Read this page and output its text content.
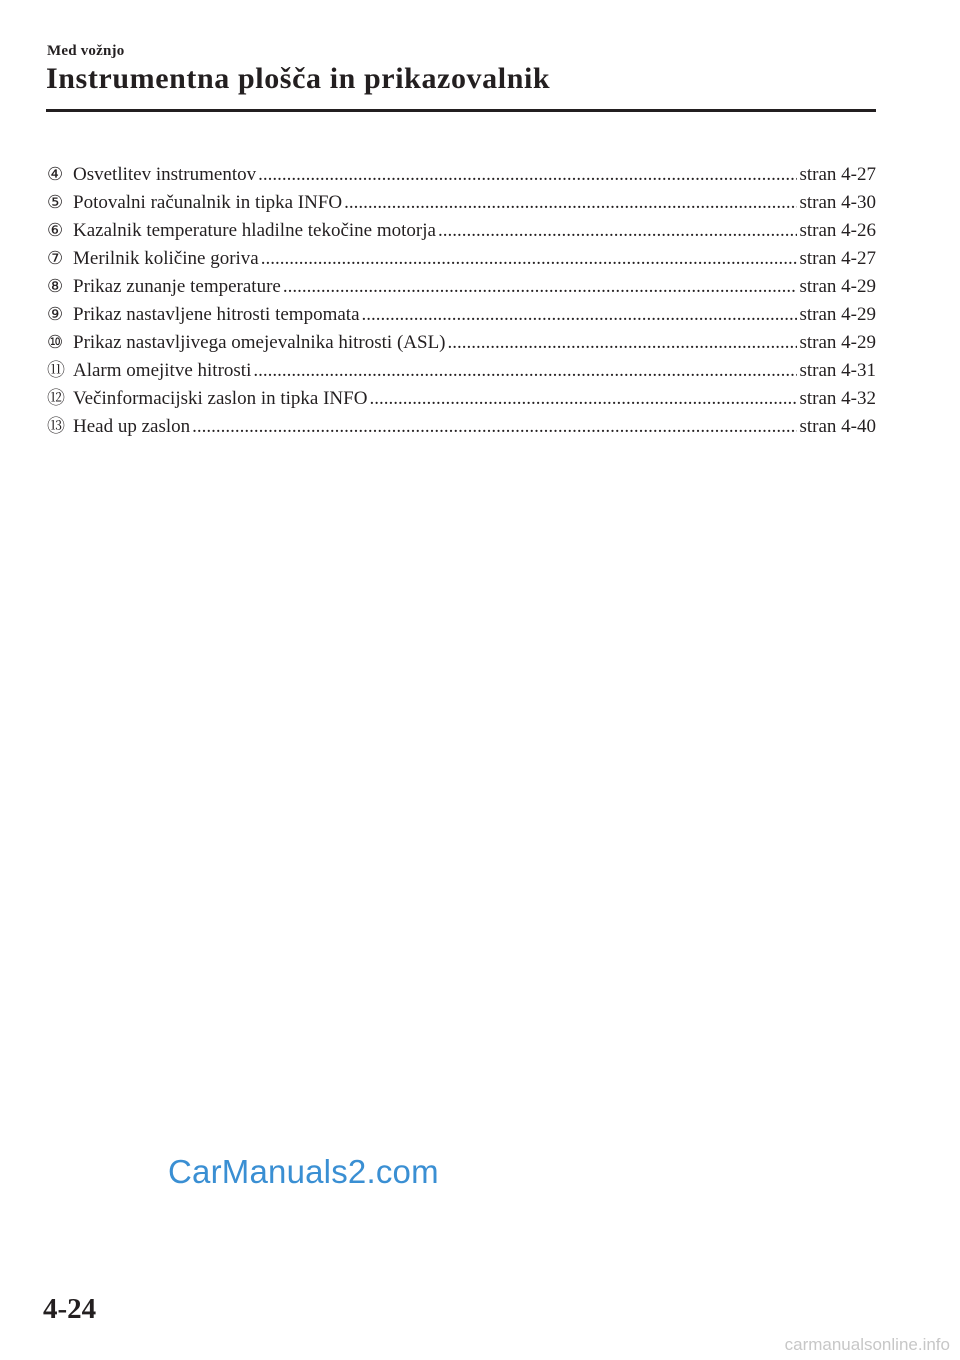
Med vožnjo
Instrumentna plošča in prikazovalnik
④ Osvetlitev instrumentov .....	stran 4-27
⑤ Potovalni računalnik in tipka INFO .....	stran 4-30
⑥ Kazalnik temperature hladilne tekočine motorja .....	stran 4-26
⑦ Merilnik količine goriva .....	stran 4-27
⑧ Prikaz zunanje temperature .....	stran 4-29
⑨ Prikaz nastavljene hitrosti tempomata .....	stran 4-29
⑩ Prikaz nastavljivega omejevalnika hitrosti (ASL) .....	stran 4-29
⑪ Alarm omejitve hitrosti .....	stran 4-31
⑫ Večinformacijski zaslon in tipka INFO .....	stran 4-32
⑬ Head up zaslon .....	stran 4-40
CarManuals2.com
4-24
carmanualsonline.info
